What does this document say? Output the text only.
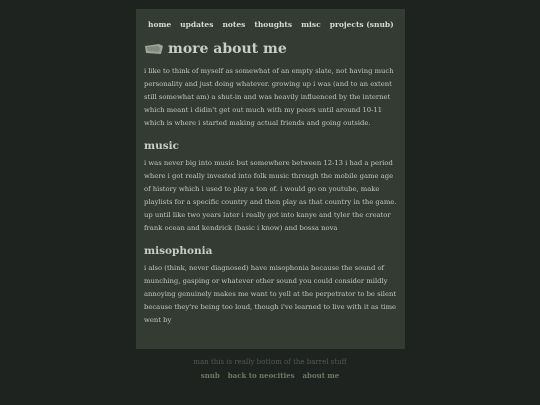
home updates notes thoughts misc projects (snub)
more about me

i like to think of myself as somewhat of an empty slate, not having much personality and just doing whatever. growing up i was (and to an extent still somewhat am) a shut-in and was heavily influenced by the internet which meant i didin't get out much with my peers until around 10-11 which is where i started making actual friends and going outside.

music

i was never big into music but somewhere between 12-13 i had a period where i got really invested into folk music through the mobile game age of history which i used to play a ton of. i would go on youtube, make playlists for a specific country and then play as that country in the game. up until like two years later i really got into kanye and tyler the creator frank ocean and kendrick (basic i know) and bossa nova

misophonia

i also (think, never diagnosed) have misophonia because the sound of munching, gasping or whatever other sound you could consider mildly annoying genuinely makes me want to yell at the perpetrator to be silent because they're being too loud, though i've learned to live with it as time went by

man this is really bottom of the barrel stuff
snub back to neocities about me
